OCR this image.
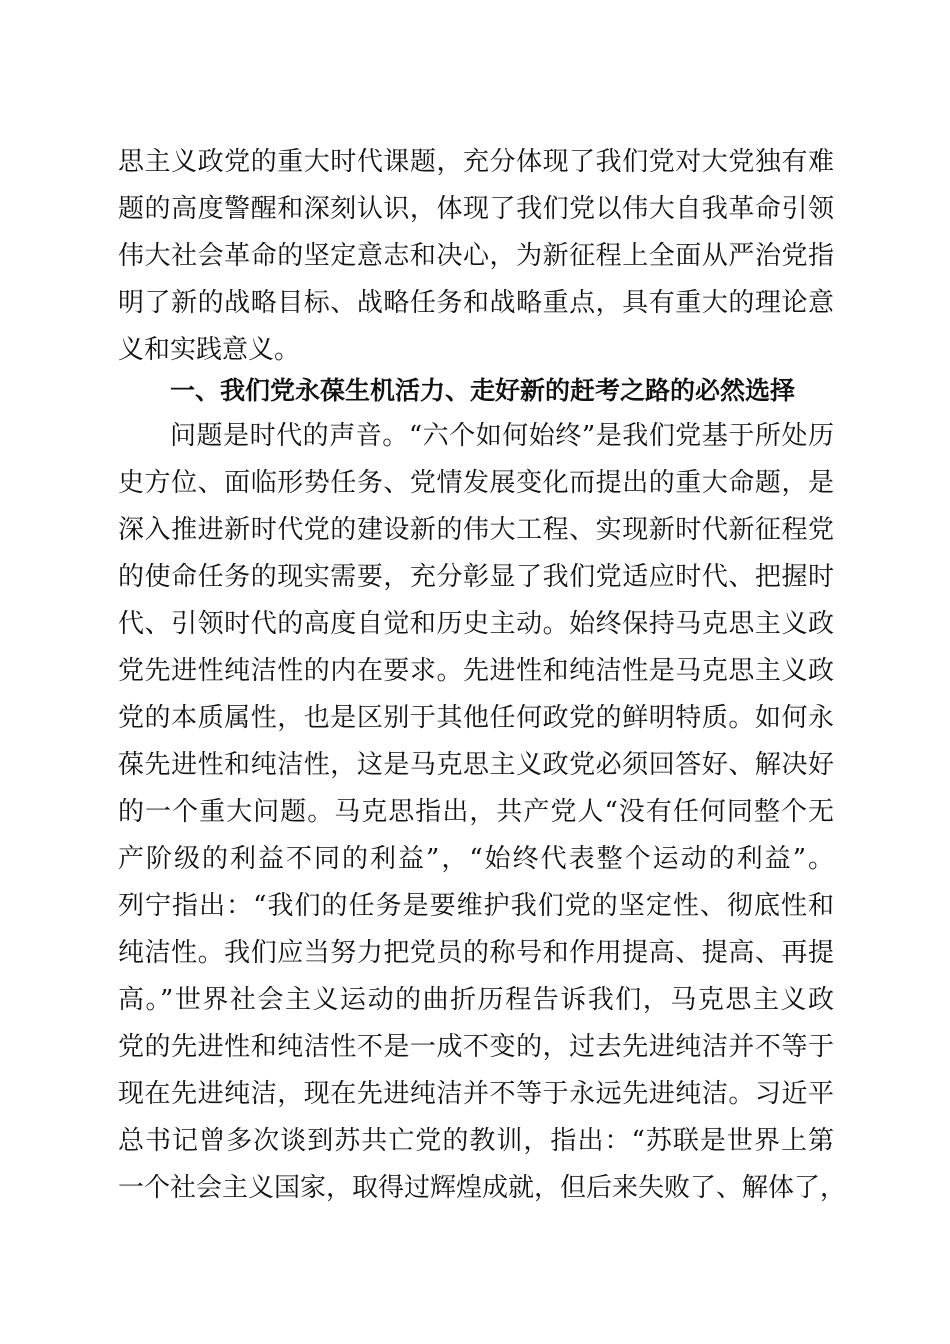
思主义政党的重大时代课题，充分体现了我们党对大党独有难
题的高度警醒和深刻认识，体现了我们党以伟大自我革命引领
伟大社会革命的坚定意志和决心，为新征程上全面从严治党指
明了新的战略目标、战略任务和战略重点，具有重大的理论意
义和实践意义。
一、我们党永葆生机活力、走好新的赶考之路的必然选择
问题是时代的声音。“六个如何始终”是我们党基于所处历
史方位、面临形势任务、党情发展变化而提出的重大命题，是
深入推进新时代党的建设新的伟大工程、实现新时代新征程党
的使命任务的现实需要，充分彰显了我们党适应时代、把握时
代、引领时代的高度自觉和历史主动。始终保持马克思主义政
党先进性纯洁性的内在要求。先进性和纯洁性是马克思主义政
党的本质属性，也是区别于其他任何政党的鲜明特质。如何永
葆先进性和纯洁性，这是马克思主义政党必须回答好、解决好
的一个重大问题。马克思指出，共产党人“没有任何同整个无
产阶级的利益不同的利益”，“始终代表整个运动的利益”。
列宁指出：“我们的任务是要维护我们党的坚定性、彻底性和
纯洁性。我们应当努力把党员的称号和作用提高、提高、再提
高。”世界社会主义运动的曲折历程告诉我们，马克思主义政
党的先进性和纯洁性不是一成不变的，过去先进纯洁并不等于
现在先进纯洁，现在先进纯洁并不等于永远先进纯洁。习近平
总书记曾多次谈到苏共亡党的教训，指出：“苏联是世界上第
一个社会主义国家，取得过辉煌成就，但后来失败了、解体了，
